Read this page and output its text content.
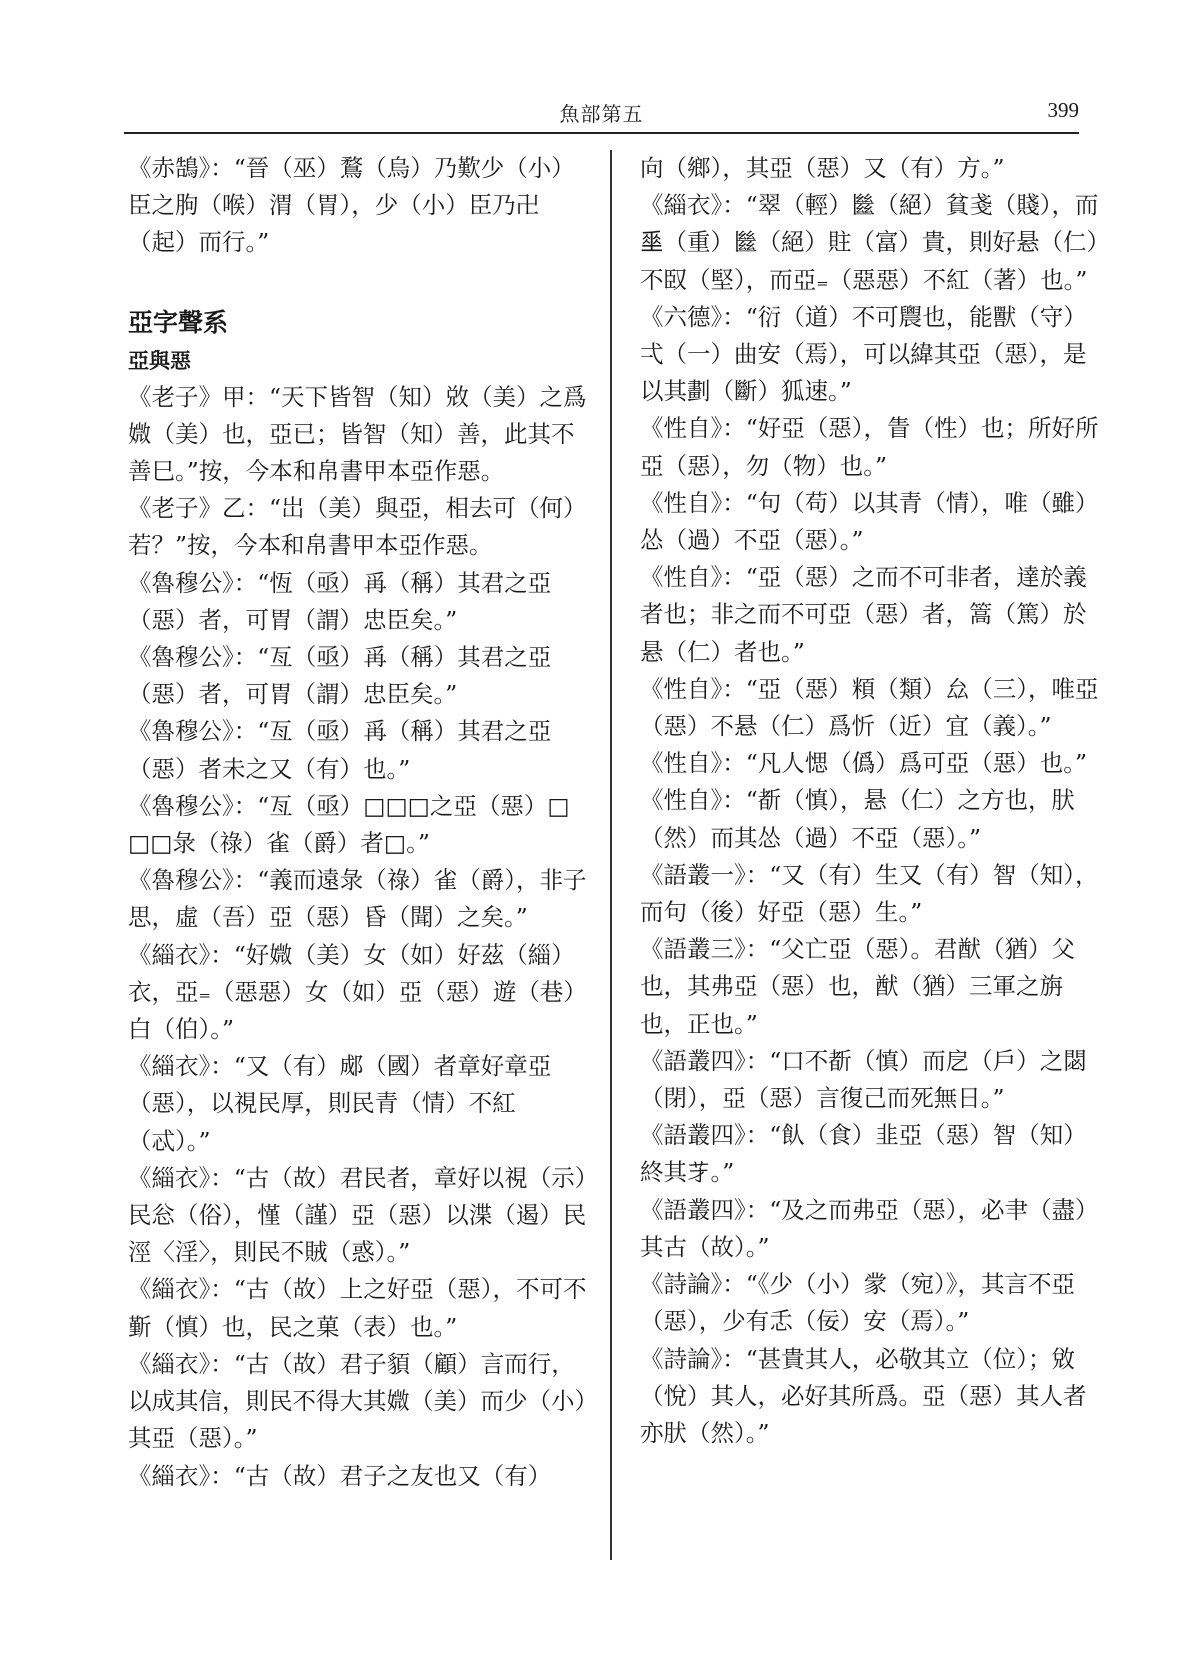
魚部第五	399

《赤鵠》：“晉（巫）鶩（烏）乃歎少（小）臣之朐（喉）渭（胃），少（小）臣乃卍（起）而行。”

亞字聲系
亞與惡

《老子》甲：“天下皆智（知）敚（美）之爲媺（美）也，亞已；皆智（知）善，此其不善巳。”按，今本和帛書甲本亞作惡。

《老子》乙：“岀（美）與亞，相去可（何）若？”按，今本和帛書甲本亞作惡。

《魯穆公》：“恆（亟）爯（稱）其君之亞（惡）者，可胃（謂）忠臣矣。”

《魯穆公》：“亙（亟）爯（稱）其君之亞（惡）者，可胃（謂）忠臣矣。”

《魯穆公》：“亙（亟）爯（稱）其君之亞（惡）者未之又（有）也。”

《魯穆公》：“亙（亟）□□□之亞（惡）□□□彔（祿）雀（爵）者□。”

《魯穆公》：“義而遠彔（祿）雀（爵），非子思，虛（吾）亞（惡）昏（聞）之矣。”

《緇衣》：“好媺（美）女（如）好茲（緇）衣，亞₌（惡惡）女（如）亞（惡）遊（巷）白（伯）。”

《緇衣》：“又（有）郕（國）者章好章亞（惡），以視民厚，則民青（情）不紅（忒）。”

《緇衣》：“古（故）君民者，章好以視（示）民忩（俗），慬（謹）亞（惡）以渫（遏）民涇〈淫〉，則民不賊（惑）。”

《緇衣》：“古（故）上之好亞（惡），不可不斳（慎）也，民之菓（表）也。”

《緇衣》：“古（故）君子䫉（顧）言而行，以成其信，則民不得大其媺（美）而少（小）其亞（惡）。”

《緇衣》：“古（故）君子之友也又（有）

向（鄉），其亞（惡）又（有）方。”

《緇衣》：“翠（輕）㡭（絕）貧戔（賤），而𡍮（重）㡭（絕）䝬（富）貴，則好悬（仁）不臤（堅），而亞₌（惡惡）不紅（著）也。”

《六德》：“衍（道）不可䢉也，能獸（守）弌（一）曲安（焉），可以緯其亞（惡），是以其劃（斷）狐速。”

《性自》：“好亞（惡），眚（性）也；所好所亞（惡），勿（物）也。”

《性自》：“句（苟）以其青（情），唯（雖）怂（過）不亞（惡）。”

《性自》：“亞（惡）之而不可非者，達於義者也；非之而不可亞（惡）者，篙（篤）於悬（仁）者也。”

《性自》：“亞（惡）頪（類）厽（三），唯亞（惡）不悬（仁）爲忻（近）宜（義）。”

《性自》：“凡人愢（僞）爲可亞（惡）也。”

《性自》：“斱（慎），悬（仁）之方也，肰（然）而其怂（過）不亞（惡）。”

《語叢一》：“又（有）生又（有）智（知），而句（後）好亞（惡）生。”

《語叢三》：“父亡亞（惡）。君猷（猶）父也，其弗亞（惡）也，猷（猶）三軍之旃也，正也。”

《語叢四》：“口不斱（慎）而戹（戶）之閟（閉），亞（惡）言復己而死無日。”

《語叢四》：“飤（食）韭亞（惡）智（知）終其𦬁。”

《語叢四》：“及之而弗亞（惡），必𦘒（盡）其古（故）。”

《詩論》：“《少（小）䝉（宛）》，其言不亞（惡），少有忎（佞）安（焉）。”

《詩論》：“甚貴其人，必敬其立（位）；敓（悅）其人，必好其所爲。亞（惡）其人者亦肰（然）。”
